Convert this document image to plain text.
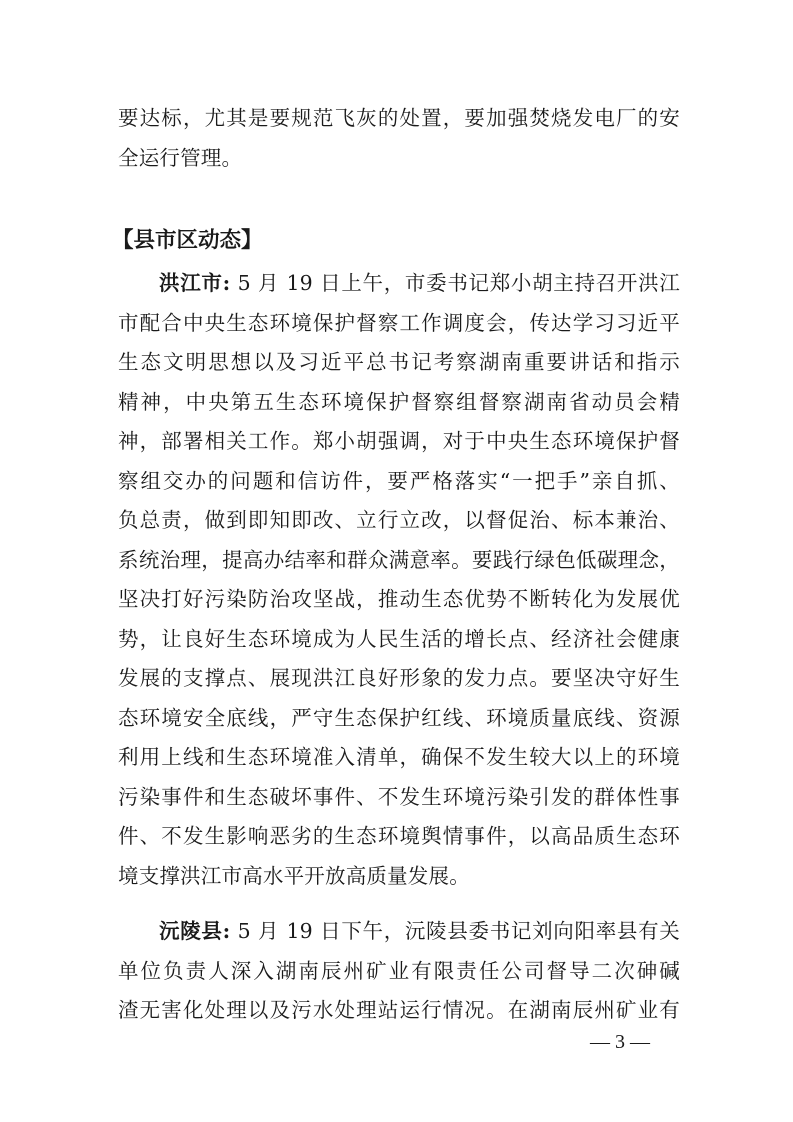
要达标，尤其是要规范飞灰的处置，要加强焚烧发电厂的安
全运行管理。
【县市区动态】
洪江市: 5 月 19 日上午，市委书记郑小胡主持召开洪江
市配合中央生态环境保护督察工作调度会，传达学习习近平
生态文明思想以及习近平总书记考察湖南重要讲话和指示
精神，中央第五生态环境保护督察组督察湖南省动员会精
神，部署相关工作。郑小胡强调，对于中央生态环境保护督
察组交办的问题和信访件，要严格落实“一把手”亲自抓、
负总责，做到即知即改、立行立改，以督促治、标本兼治、
系统治理，提高办结率和群众满意率。要践行绿色低碳理念，
坚决打好污染防治攻坚战，推动生态优势不断转化为发展优
势，让良好生态环境成为人民生活的增长点、经济社会健康
发展的支撑点、展现洪江良好形象的发力点。要坚决守好生
态环境安全底线，严守生态保护红线、环境质量底线、资源
利用上线和生态环境准入清单，确保不发生较大以上的环境
污染事件和生态破坏事件、不发生环境污染引发的群体性事
件、不发生影响恶劣的生态环境舆情事件，以高品质生态环
境支撑洪江市高水平开放高质量发展。
沅陵县: 5 月 19 日下午，沅陵县委书记刘向阳率县有关
单位负责人深入湖南辰州矿业有限责任公司督导二次砷碱
渣无害化处理以及污水处理站运行情况。在湖南辰州矿业有
— 3 —
